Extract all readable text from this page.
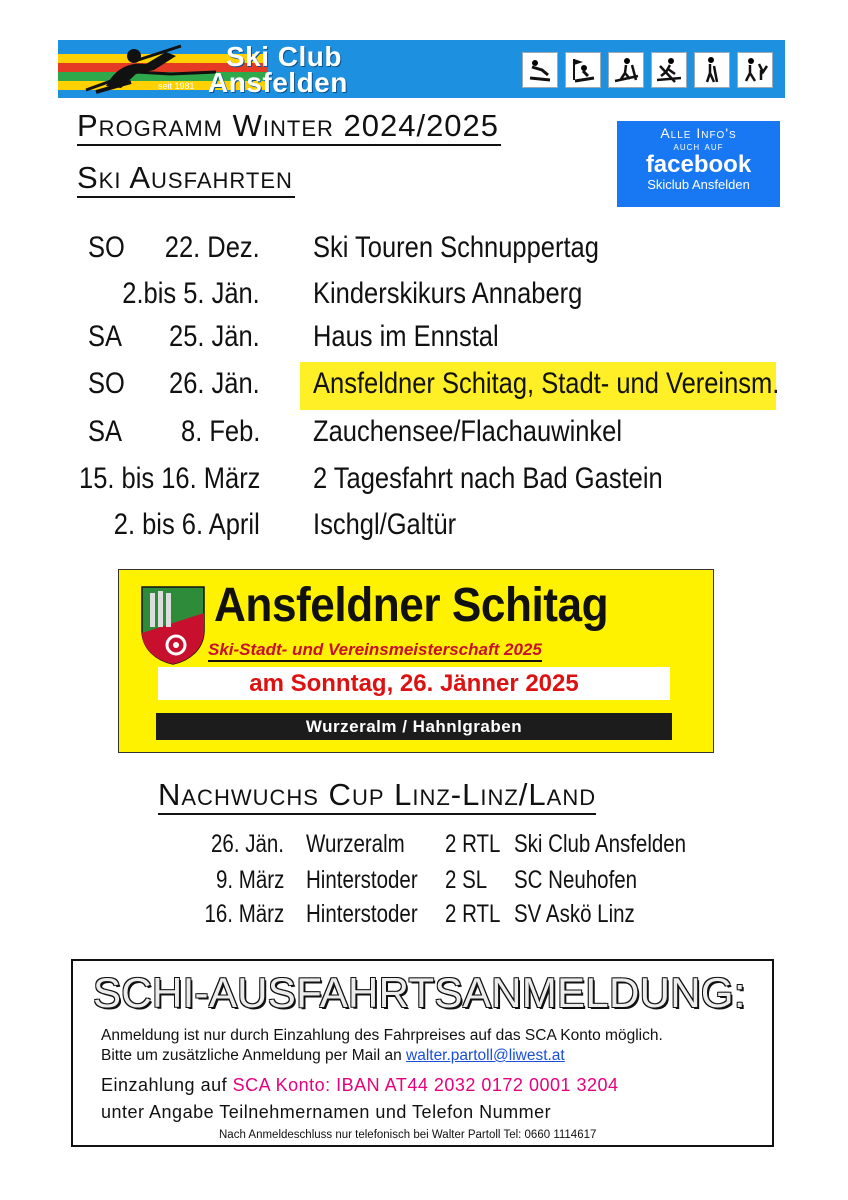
Ski Club
Ansfelden
seit 1981
Programm Winter 2024/2025
Ski Ausfahrten
Alle Info's
auch auf
facebook
Skiclub Ansfelden
SO 22. Dez. Ski Touren Schnuppertag
2.bis 5. Jän. Kinderskikurs Annaberg
SA 25. Jän. Haus im Ennstal
SO 26. Jän. Ansfeldner Schitag, Stadt- und Vereinsm.
SA 8. Feb. Zauchensee/Flachauwinkel
15. bis 16. März 2 Tagesfahrt nach Bad Gastein
2. bis 6. April Ischgl/Galtür
Ansfeldner Schitag
Ski-Stadt- und Vereinsmeisterschaft 2025
am Sonntag, 26. Jänner 2025
Wurzeralm / Hahnlgraben
Nachwuchs Cup Linz-Linz/Land
26. Jän. Wurzeralm 2 RTL Ski Club Ansfelden
9. März Hinterstoder 2 SL SC Neuhofen
16. März Hinterstoder 2 RTL SV Askö Linz
SCHI-AUSFAHRTSANMELDUNG:
Anmeldung ist nur durch Einzahlung des Fahrpreises auf das SCA Konto möglich.
Bitte um zusätzliche Anmeldung per Mail an walter.partoll@liwest.at
Einzahlung auf SCA Konto: IBAN AT44 2032 0172 0001 3204
unter Angabe Teilnehmernamen und Telefon Nummer
Nach Anmeldeschluss nur telefonisch bei Walter Partoll Tel: 0660 1114617
